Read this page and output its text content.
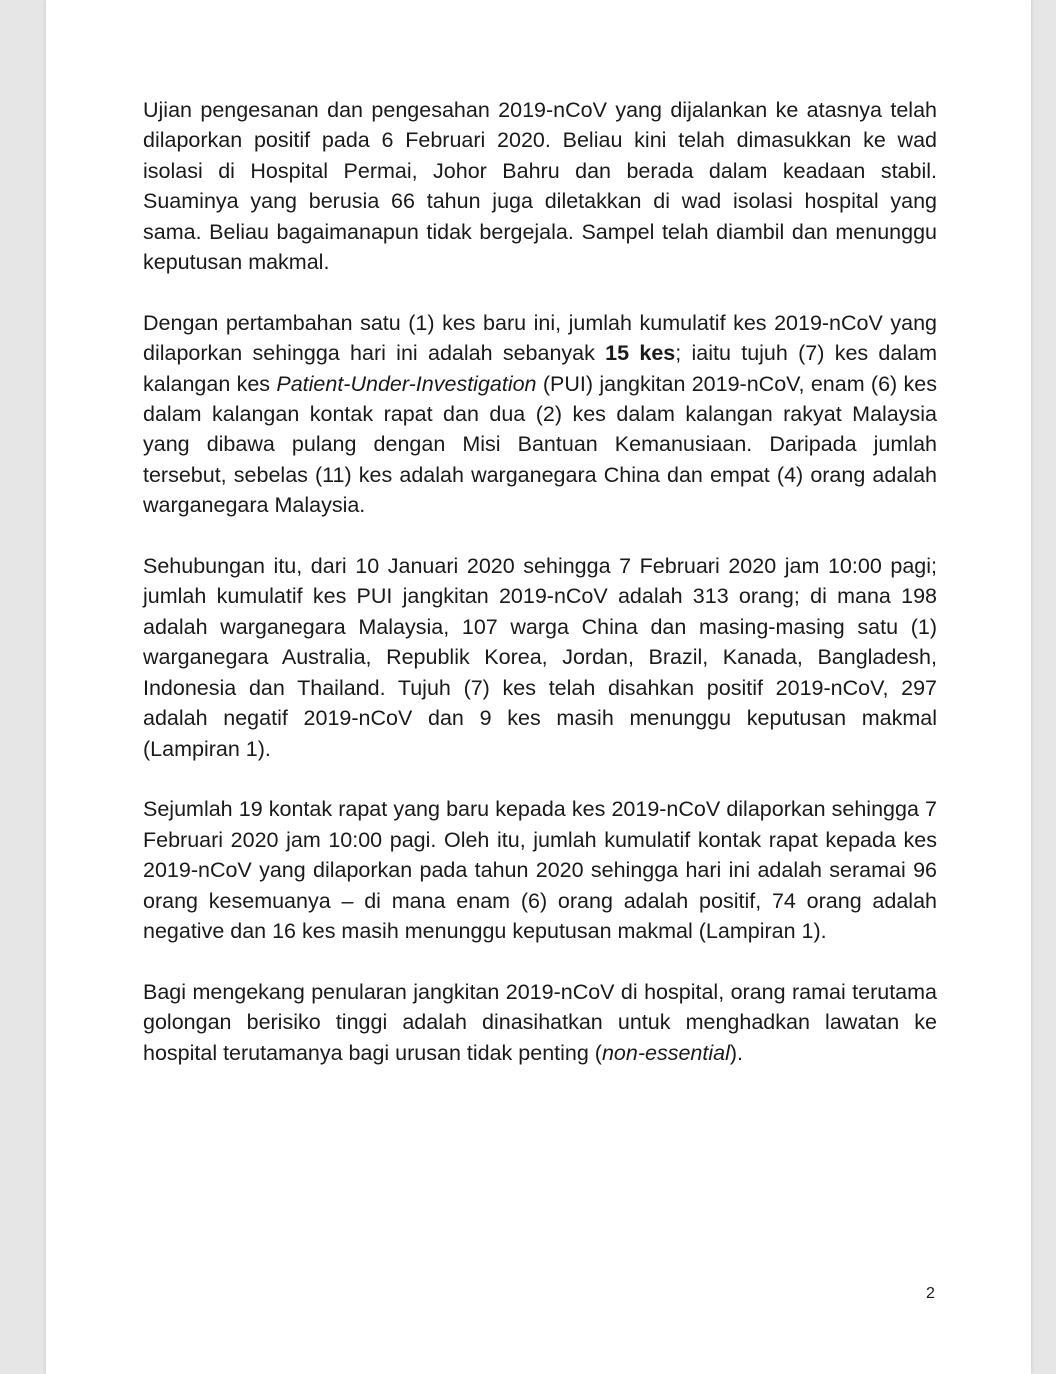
Ujian pengesanan dan pengesahan 2019-nCoV yang dijalankan ke atasnya telah dilaporkan positif pada 6 Februari 2020. Beliau kini telah dimasukkan ke wad isolasi di Hospital Permai, Johor Bahru dan berada dalam keadaan stabil. Suaminya yang berusia 66 tahun juga diletakkan di wad isolasi hospital yang sama. Beliau bagaimanapun tidak bergejala. Sampel telah diambil dan menunggu keputusan makmal.

Dengan pertambahan satu (1) kes baru ini, jumlah kumulatif kes 2019-nCoV yang dilaporkan sehingga hari ini adalah sebanyak 15 kes; iaitu tujuh (7) kes dalam kalangan kes Patient-Under-Investigation (PUI) jangkitan 2019-nCoV, enam (6) kes dalam kalangan kontak rapat dan dua (2) kes dalam kalangan rakyat Malaysia yang dibawa pulang dengan Misi Bantuan Kemanusiaan. Daripada jumlah tersebut, sebelas (11) kes adalah warganegara China dan empat (4) orang adalah warganegara Malaysia.

Sehubungan itu, dari 10 Januari 2020 sehingga 7 Februari 2020 jam 10:00 pagi; jumlah kumulatif kes PUI jangkitan 2019-nCoV adalah 313 orang; di mana 198 adalah warganegara Malaysia, 107 warga China dan masing-masing satu (1) warganegara Australia, Republik Korea, Jordan, Brazil, Kanada, Bangladesh, Indonesia dan Thailand. Tujuh (7) kes telah disahkan positif 2019-nCoV, 297 adalah negatif 2019-nCoV dan 9 kes masih menunggu keputusan makmal (Lampiran 1).

Sejumlah 19 kontak rapat yang baru kepada kes 2019-nCoV dilaporkan sehingga 7 Februari 2020 jam 10:00 pagi. Oleh itu, jumlah kumulatif kontak rapat kepada kes 2019-nCoV yang dilaporkan pada tahun 2020 sehingga hari ini adalah seramai 96 orang kesemuanya – di mana enam (6) orang adalah positif, 74 orang adalah negative dan 16 kes masih menunggu keputusan makmal (Lampiran 1).

Bagi mengekang penularan jangkitan 2019-nCoV di hospital, orang ramai terutama golongan berisiko tinggi adalah dinasihatkan untuk menghadkan lawatan ke hospital terutamanya bagi urusan tidak penting (non-essential).

2
